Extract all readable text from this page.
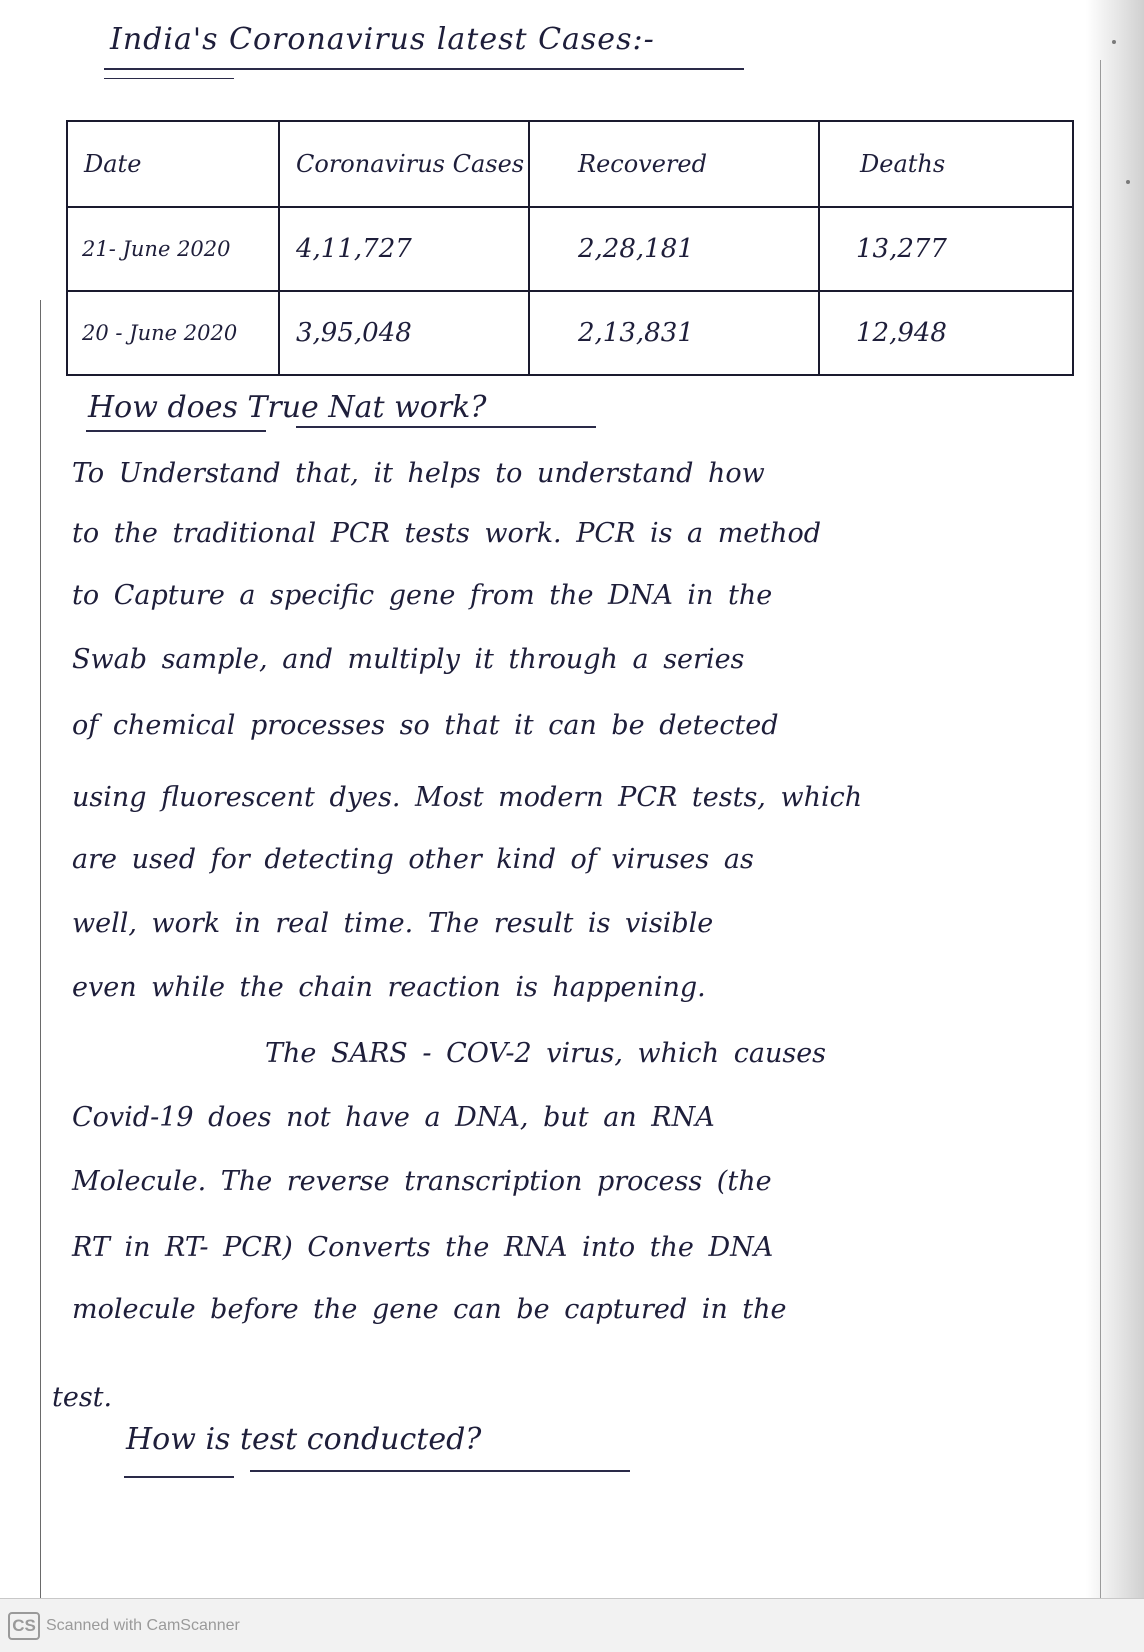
India's Coronavirus latest Cases:-
Date	Coronavirus Cases	Recovered	Deaths
21- June 2020	4,11,727	2,28,181	13,277
20 - June 2020	3,95,048	2,13,831	12,948
How does True Nat work?

To Understand that, it helps to understand how

to the traditional PCR tests work. PCR is a method

to Capture a specific gene from the DNA in the

Swab sample, and multiply it through a series

of chemical processes so that it can be detected

using fluorescent dyes. Most modern PCR tests, which

are used for detecting other kind of viruses as

well, work in real time. The result is visible

even while the chain reaction is happening.

The SARS - COV-2 virus, which causes

Covid-19 does not have a DNA, but an RNA

Molecule. The reverse transcription process (the

RT in RT- PCR) Converts the RNA into the DNA

molecule before the gene can be captured in the

test.

How is test conducted?
CS Scanned with CamScanner
